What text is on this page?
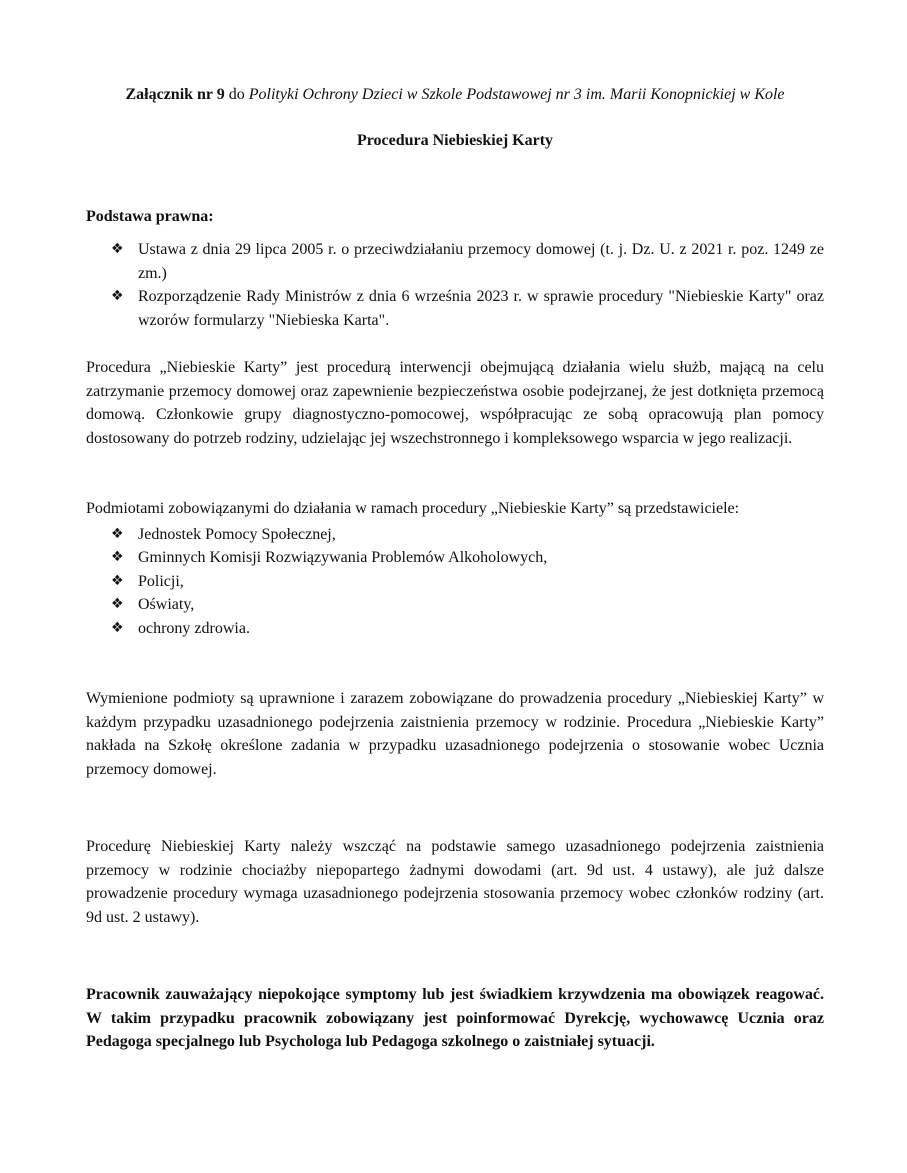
Załącznik nr 9 do Polityki Ochrony Dzieci w Szkole Podstawowej nr 3 im. Marii Konopnickiej w Kole
Procedura Niebieskiej Karty
Podstawa prawna:
❖ Ustawa z dnia 29 lipca 2005 r. o przeciwdziałaniu przemocy domowej (t. j. Dz. U. z 2021 r. poz. 1249 ze zm.)
❖ Rozporządzenie Rady Ministrów z dnia 6 września 2023 r. w sprawie procedury "Niebieskie Karty" oraz wzorów formularzy "Niebieska Karta".

Procedura „Niebieskie Karty” jest procedurą interwencji obejmującą działania wielu służb, mającą na celu zatrzymanie przemocy domowej oraz zapewnienie bezpieczeństwa osobie podejrzanej, że jest dotknięta przemocą domową. Członkowie grupy diagnostyczno-pomocowej, współpracując ze sobą opracowują plan pomocy dostosowany do potrzeb rodziny, udzielając jej wszechstronnego i kompleksowego wsparcia w jego realizacji.

Podmiotami zobowiązanymi do działania w ramach procedury „Niebieskie Karty” są przedstawiciele:

❖ Jednostek Pomocy Społecznej,
❖ Gminnych Komisji Rozwiązywania Problemów Alkoholowych,
❖ Policji,
❖ Oświaty,
❖ ochrony zdrowia.

Wymienione podmioty są uprawnione i zarazem zobowiązane do prowadzenia procedury „Niebieskiej Karty” w każdym przypadku uzasadnionego podejrzenia zaistnienia przemocy w rodzinie. Procedura „Niebieskie Karty” nakłada na Szkołę określone zadania w przypadku uzasadnionego podejrzenia o stosowanie wobec Ucznia przemocy domowej.

Procedurę Niebieskiej Karty należy wszcząć na podstawie samego uzasadnionego podejrzenia zaistnienia przemocy w rodzinie chociażby niepopartego żadnymi dowodami (art. 9d ust. 4 ustawy), ale już dalsze prowadzenie procedury wymaga uzasadnionego podejrzenia stosowania przemocy wobec członków rodziny (art. 9d ust. 2 ustawy).

Pracownik zauważający niepokojące symptomy lub jest świadkiem krzywdzenia ma obowiązek reagować. W takim przypadku pracownik zobowiązany jest poinformować Dyrekcję, wychowawcę Ucznia oraz Pedagoga specjalnego lub Psychologa lub Pedagoga szkolnego o zaistniałej sytuacji.
